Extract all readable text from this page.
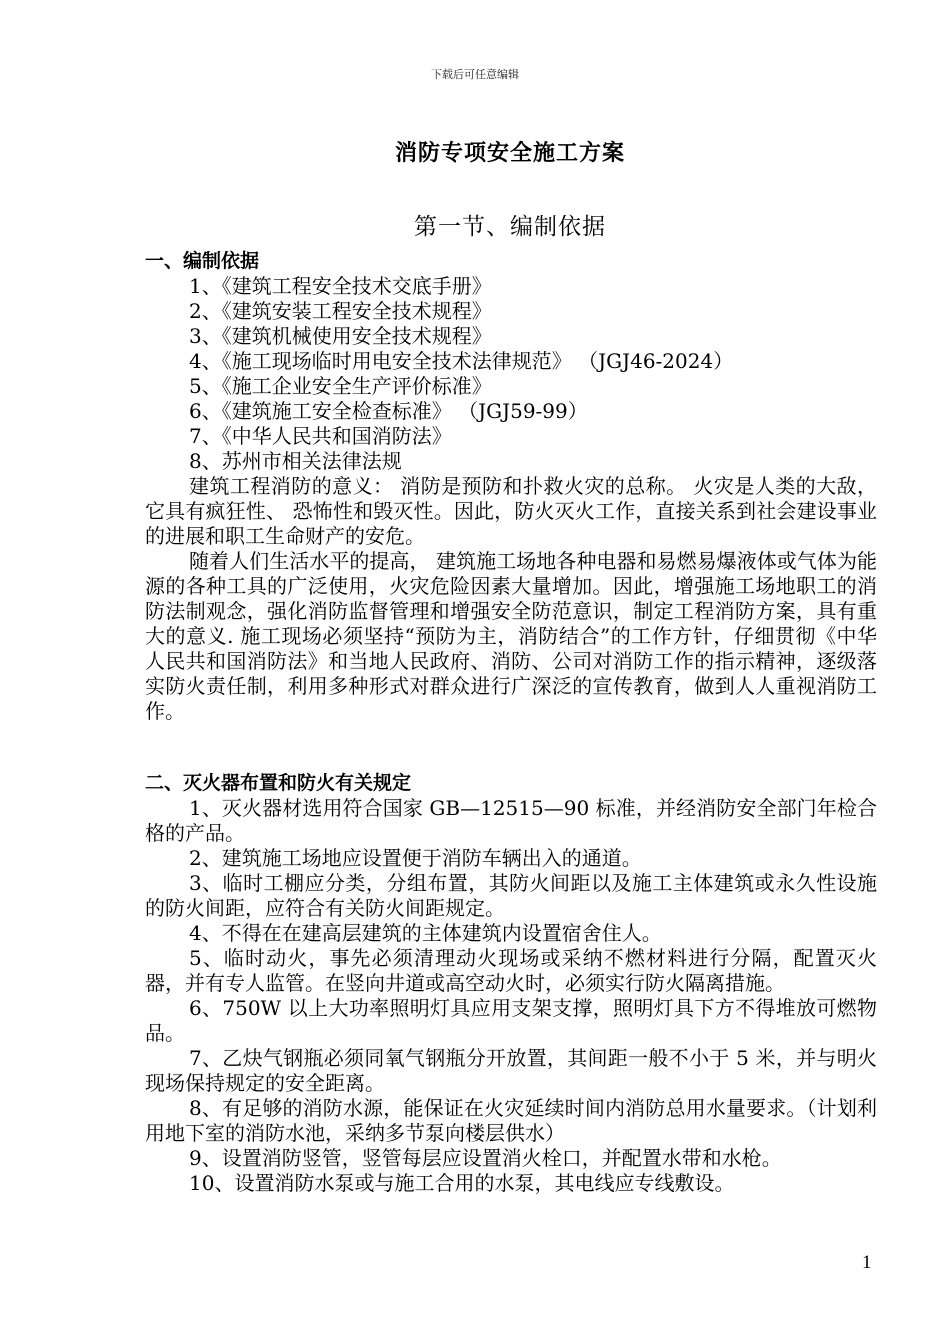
下载后可任意编辑
消防专项安全施工方案
第一节、编制依据

一、编制依据

1、《建筑工程安全技术交底手册》

2、《建筑安装工程安全技术规程》

3、《建筑机械使用安全技术规程》

4、《施工现场临时用电安全技术法律规范》 （JGJ46-2024）

5、《施工企业安全生产评价标准》

6、《建筑施工安全检查标准》 （JGJ59-99）

7、《中华人民共和国消防法》

8、苏州市相关法律法规

建筑工程消防的意义： 消防是预防和扑救火灾的总称。 火灾是人类的大敌， 它具有疯狂性、 恐怖性和毁灭性。因此，防火灭火工作，直接关系到社会建设事业的进展和职工生命财产的安危。

随着人们生活水平的提高， 建筑施工场地各种电器和易燃易爆液体或气体为能源的各种工具的广泛使用，火灾危险因素大量增加。因此，增强施工场地职工的消防法制观念，强化消防监督管理和增强安全防范意识，制定工程消防方案，具有重大的意义. 施工现场必须坚持“预防为主，消防结合”的工作方针，仔细贯彻《中华人民共和国消防法》和当地人民政府、消防、公司对消防工作的指示精神，逐级落实防火责任制，利用多种形式对群众进行广深泛的宣传教育，做到人人重视消防工作。

二、灭火器布置和防火有关规定

1、灭火器材选用符合国家 GB—12515—90 标准，并经消防安全部门年检合格的产品。

2、建筑施工场地应设置便于消防车辆出入的通道。

3、临时工棚应分类，分组布置，其防火间距以及施工主体建筑或永久性设施的防火间距，应符合有关防火间距规定。

4、不得在在建高层建筑的主体建筑内设置宿舍住人。

5、临时动火，事先必须清理动火现场或采纳不燃材料进行分隔，配置灭火器，并有专人监管。在竖向井道或高空动火时，必须实行防火隔离措施。

6、750W 以上大功率照明灯具应用支架支撑，照明灯具下方不得堆放可燃物品。

7、乙炔气钢瓶必须同氧气钢瓶分开放置，其间距一般不小于 5 米，并与明火现场保持规定的安全距离。

8、有足够的消防水源，能保证在火灾延续时间内消防总用水量要求。（计划利用地下室的消防水池，采纳多节泵向楼层供水）

9、设置消防竖管，竖管每层应设置消火栓口，并配置水带和水枪。

10、设置消防水泵或与施工合用的水泵，其电线应专线敷设。

1
